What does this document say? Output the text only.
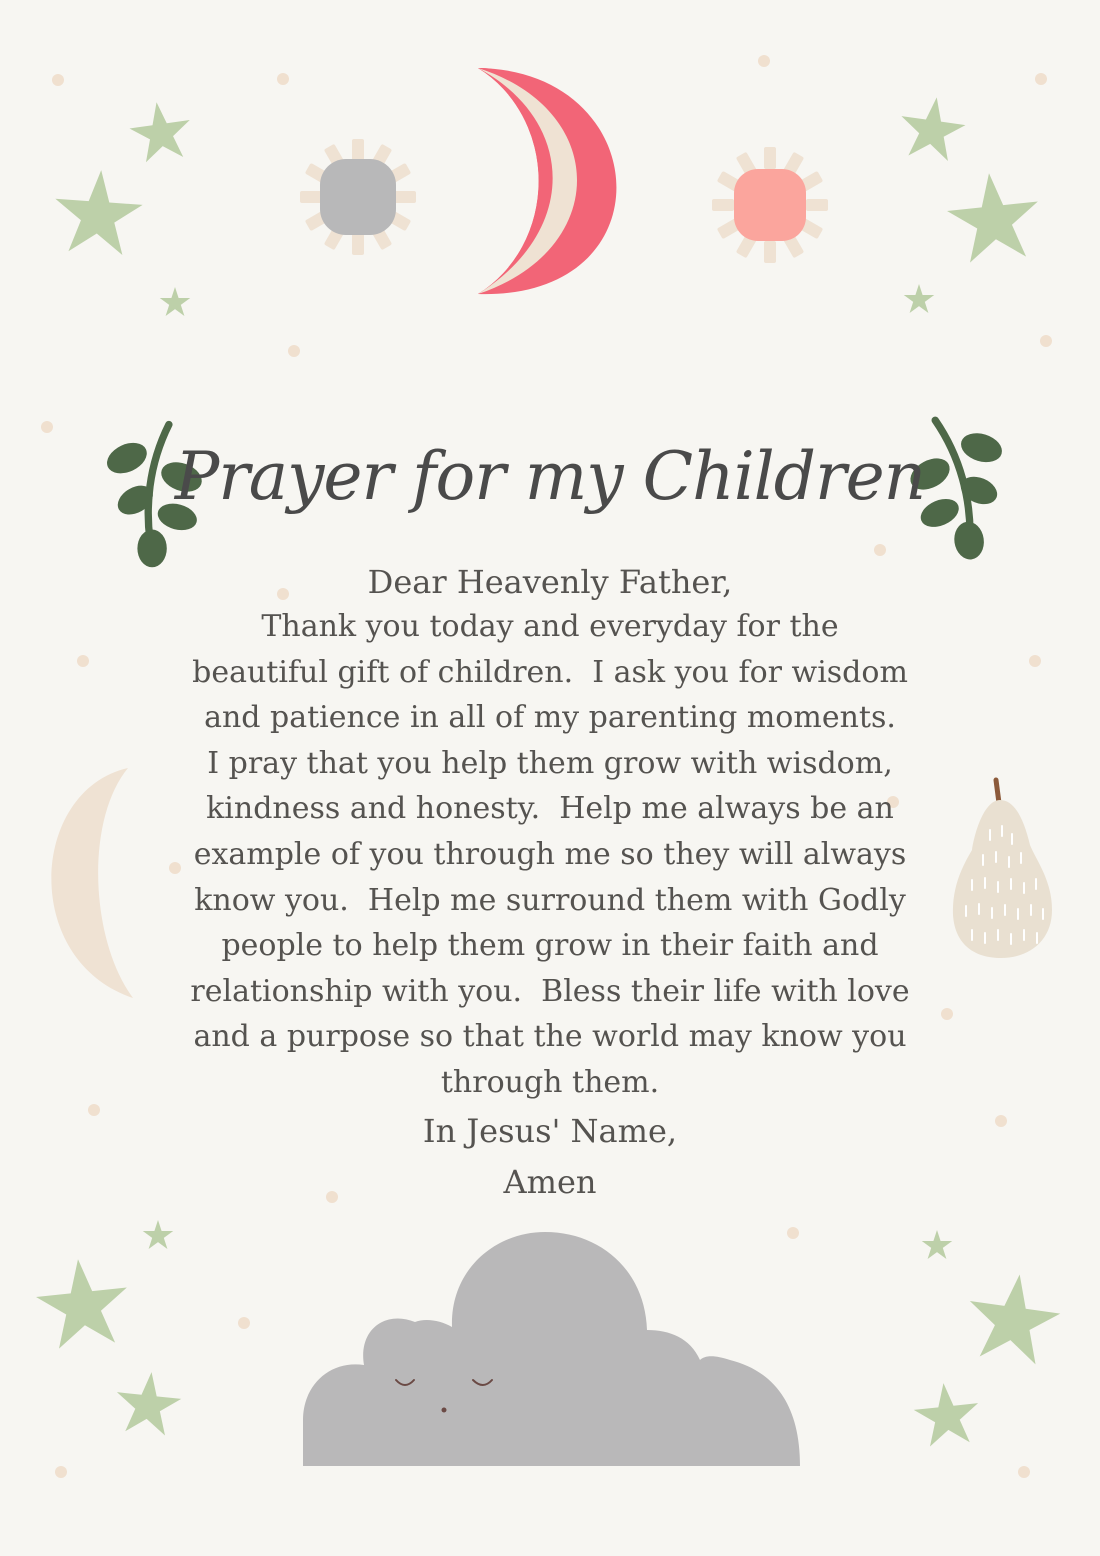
Prayer for my Children
Dear Heavenly Father,
Thank you today and everyday for the
beautiful gift of children.  I ask you for wisdom
and patience in all of my parenting moments.
I pray that you help them grow with wisdom,
kindness and honesty.  Help me always be an
example of you through me so they will always
know you.  Help me surround them with Godly
people to help them grow in their faith and
relationship with you.  Bless their life with love
and a purpose so that the world may know you
through them.
In Jesus' Name,
Amen
